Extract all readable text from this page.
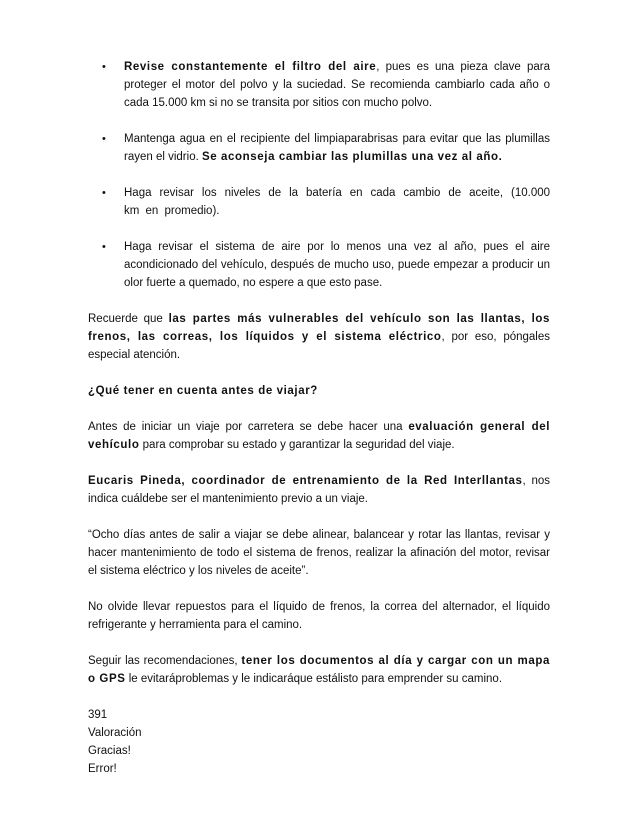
• Revise constantemente el filtro del aire, pues es una pieza clave para proteger el motor del polvo y la suciedad. Se recomienda cambiarlo cada año o cada 15.000 km si no se transita por sitios con mucho polvo.
• Mantenga agua en el recipiente del limpiaparabrisas para evitar que las plumillas rayen el vidrio. Se aconseja cambiar las plumillas una vez al año.
• Haga revisar los niveles de la batería en cada cambio de aceite, (10.000 km en promedio).
• Haga revisar el sistema de aire por lo menos una vez al año, pues el aire acondicionado del vehículo, después de mucho uso, puede empezar a producir un olor fuerte a quemado, no espere a que esto pase.

Recuerde que las partes más vulnerables del vehículo son las llantas, los frenos, las correas, los líquidos y el sistema eléctrico, por eso, póngales especial atención.

¿Qué tener en cuenta antes de viajar?

Antes de iniciar un viaje por carretera se debe hacer una evaluación general del vehículo para comprobar su estado y garantizar la seguridad del viaje.

Eucaris Pineda, coordinador de entrenamiento de la Red Interllantas, nos indica cuáldebe ser el mantenimiento previo a un viaje.

“Ocho días antes de salir a viajar se debe alinear, balancear y rotar las llantas, revisar y hacer mantenimiento de todo el sistema de frenos, realizar la afinación del motor, revisar el sistema eléctrico y los niveles de aceite”.

No olvide llevar repuestos para el líquido de frenos, la correa del alternador, el líquido refrigerante y herramienta para el camino.

Seguir las recomendaciones, tener los documentos al día y cargar con un mapa o GPS le evitaráproblemas y le indicaráque estálisto para emprender su camino.

391
Valoración
Gracias!
Error!
